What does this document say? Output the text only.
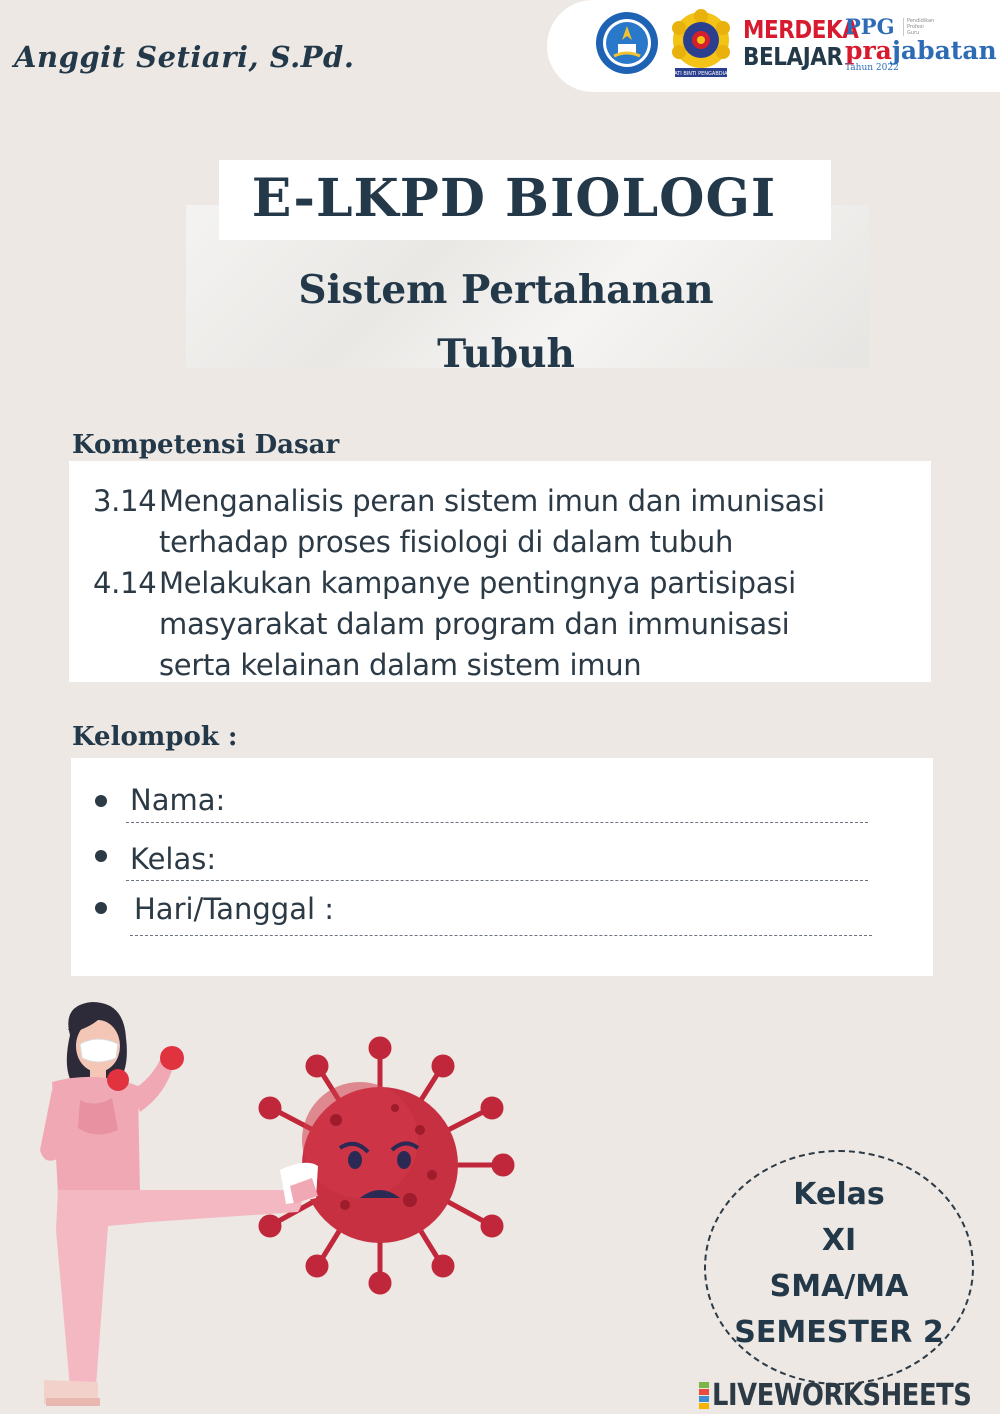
Anggit Setiari, S.Pd.	BATI BINTI PENGABDIAN
MERDEKA
BELAJAR
PPG
prajabatan
Tahun 2022
Pendidikan
Profesi
Guru
E-LKPD BIOLOGI
Sistem Pertahanan
Tubuh
Kompetensi Dasar
3.14Menganalisis peran sistem imun dan imunisasi
terhadap proses fisiologi di dalam tubuh
4.14Melakukan kampanye pentingnya partisipasi
masyarakat dalam program dan immunisasi
serta kelainan dalam sistem imun
Kelompok :
Nama:
Kelas:
Hari/Tanggal :
Kelas
XI
SMA/MA
SEMESTER 2
LIVEWORKSHEETS
